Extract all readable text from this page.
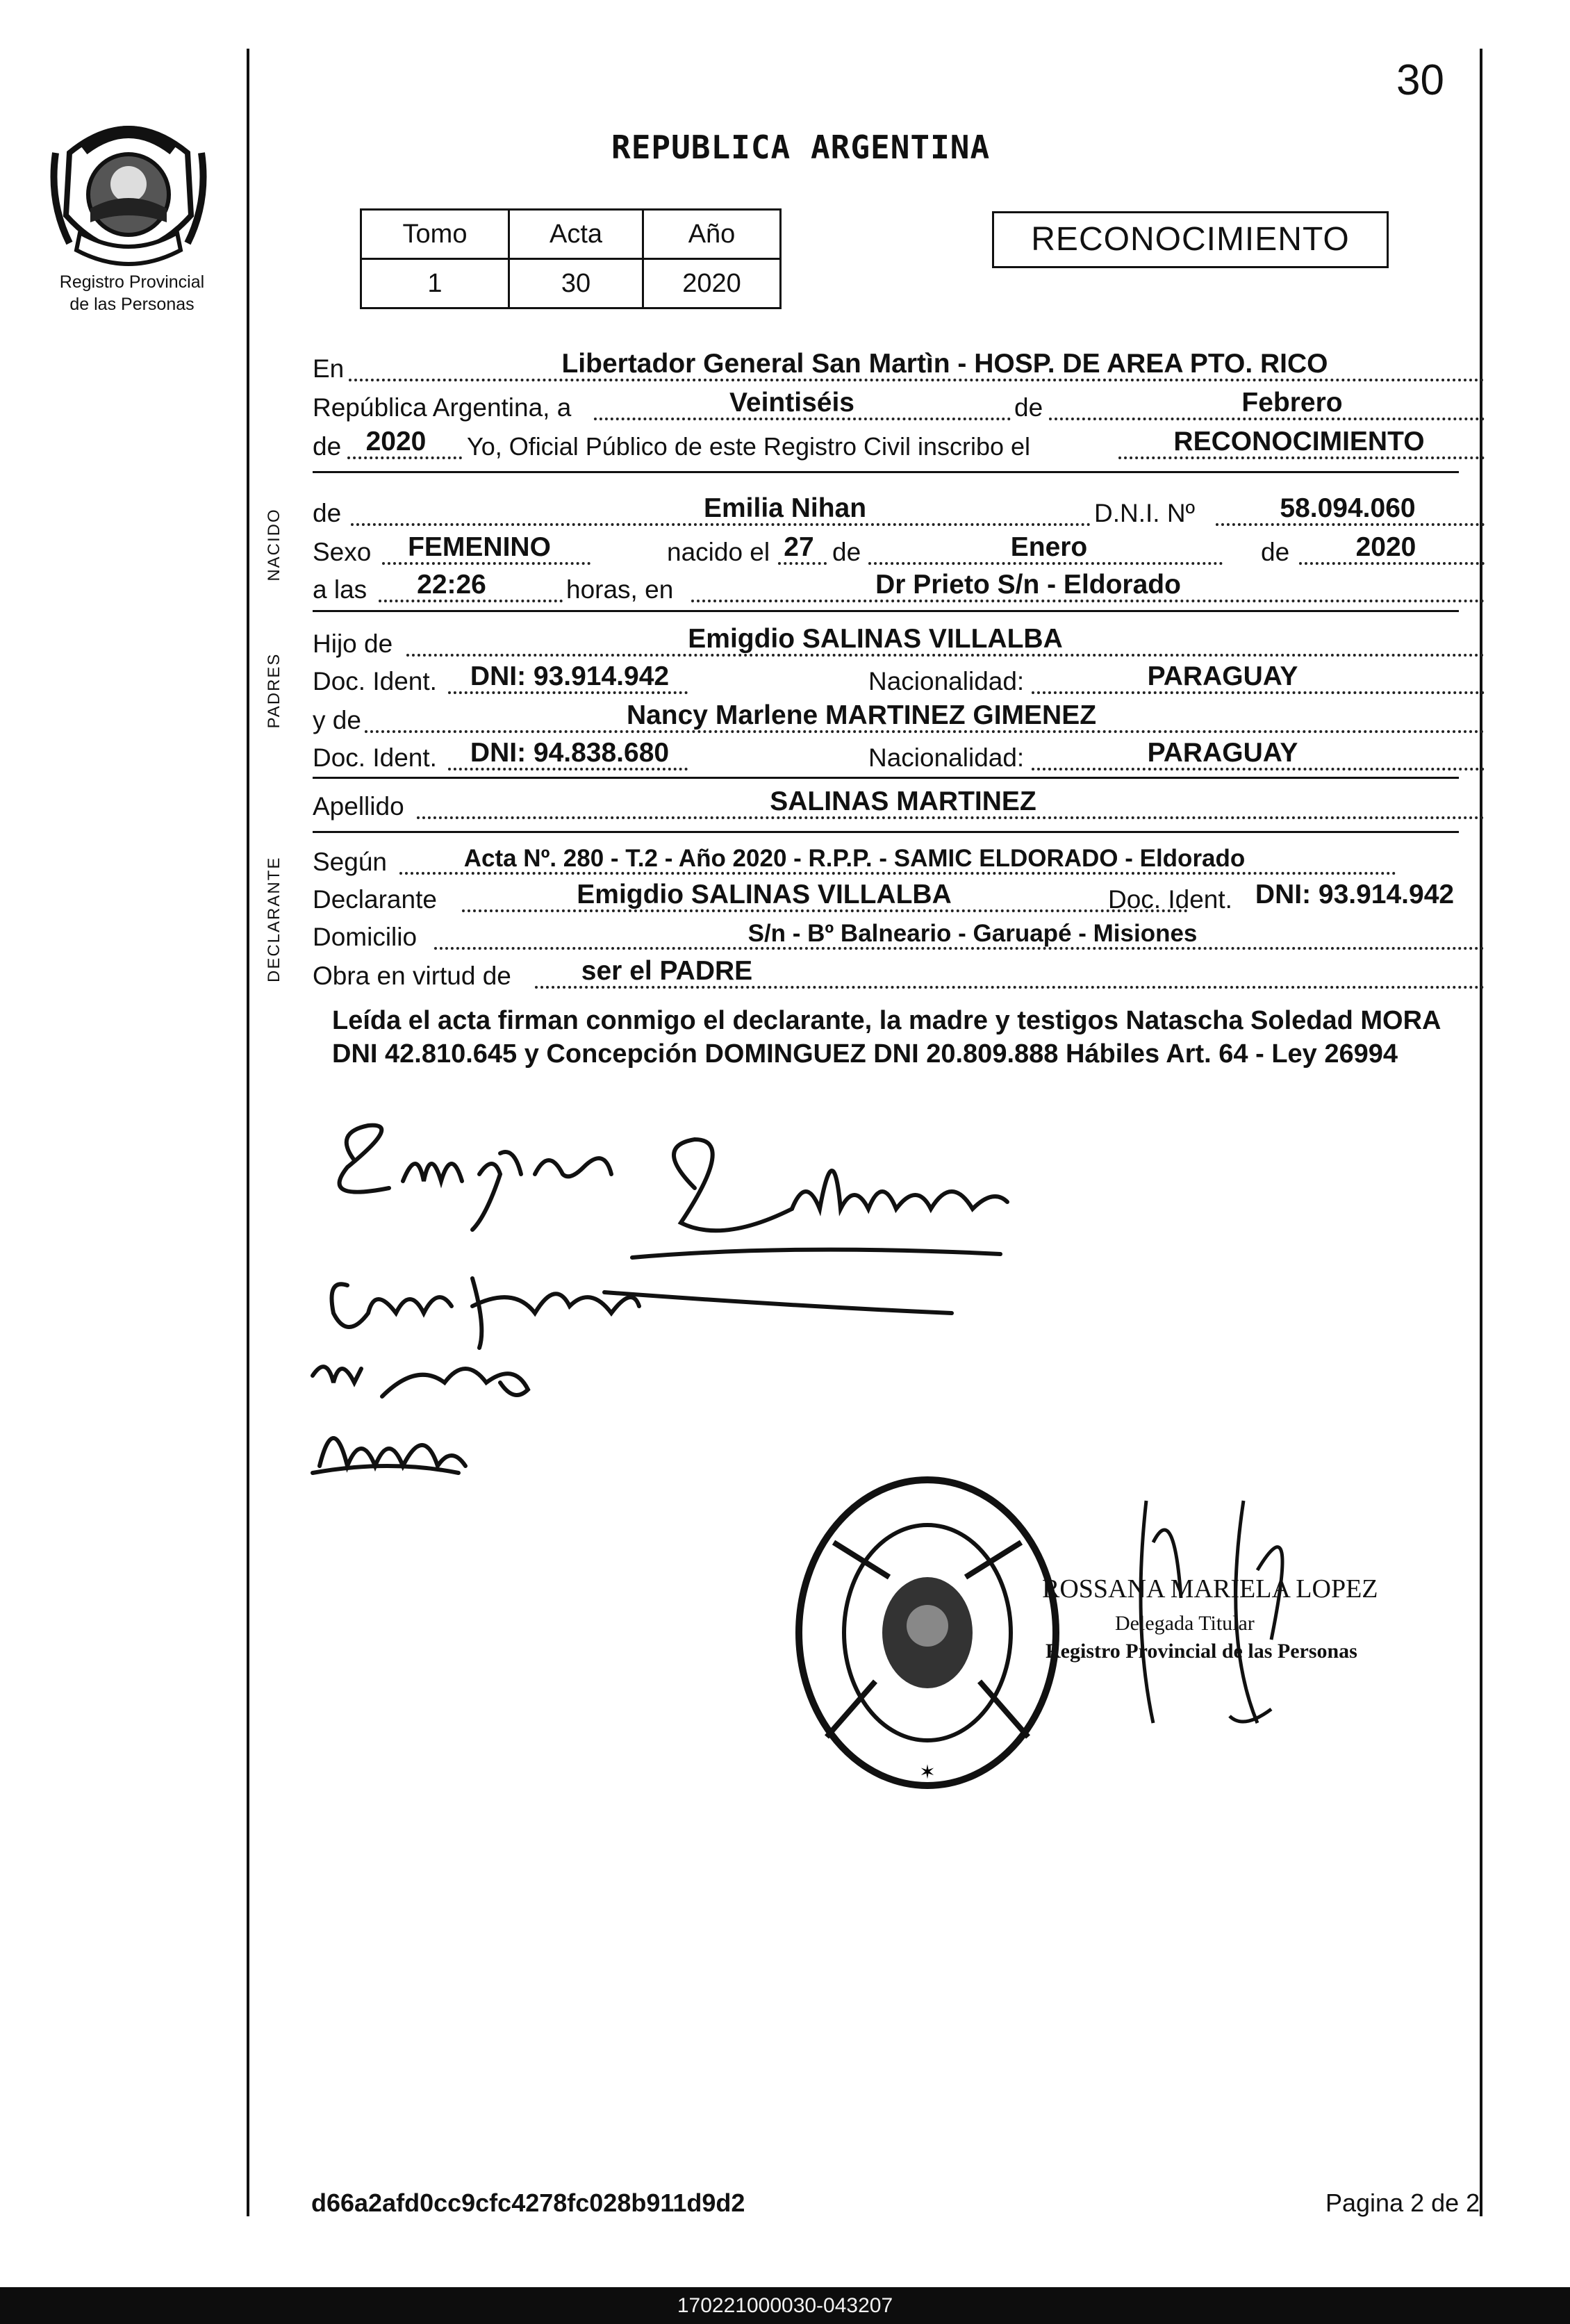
Registro Provincial
de las Personas
30
REPUBLICA ARGENTINA
Tomo	Acta	Año
1	30	2020
RECONOCIMIENTO
En	Libertador General San Martìn - HOSP. DE AREA PTO. RICO
República Argentina, a	Veintiséis	de	Febrero
de 2020	Yo, Oficial Público de este Registro Civil inscribo el	RECONOCIMIENTO
NACIDO de	Emilia Nihan	D.N.I. Nº	58.094.060
Sexo	FEMENINO	nacido el 27 de	Enero	de	2020
a las	22:26	horas, en	Dr Prieto S/n - Eldorado
PADRES
Hijo de	Emigdio SALINAS VILLALBA
Doc. Ident. DNI: 93.914.942	Nacionalidad:	PARAGUAY
y de	Nancy Marlene MARTINEZ GIMENEZ
Doc. Ident. DNI: 94.838.680	Nacionalidad:	PARAGUAY
Apellido	SALINAS MARTINEZ
DECLARANTE Según	Acta Nº. 280 - T.2 - Año 2020 - R.P.P. - SAMIC ELDORADO - Eldorado
Declarante	Emigdio SALINAS VILLALBA	Doc. Ident. DNI: 93.914.942
Domicilio	S/n - Bº Balneario - Garuapé - Misiones
Obra en virtud de	ser el PADRE
Leída el acta firman conmigo el declarante, la madre y testigos Natascha Soledad MORA DNI 42.810.645 y Concepción DOMINGUEZ DNI 20.809.888 Hábiles Art. 64 - Ley 26994
✶
ROSSANA MARIELA LOPEZ
Delegada Titular
Registro Provincial de las Personas
d66a2afd0cc9cfc4278fc028b911d9d2	Pagina 2 de 2
170221000030-043207
